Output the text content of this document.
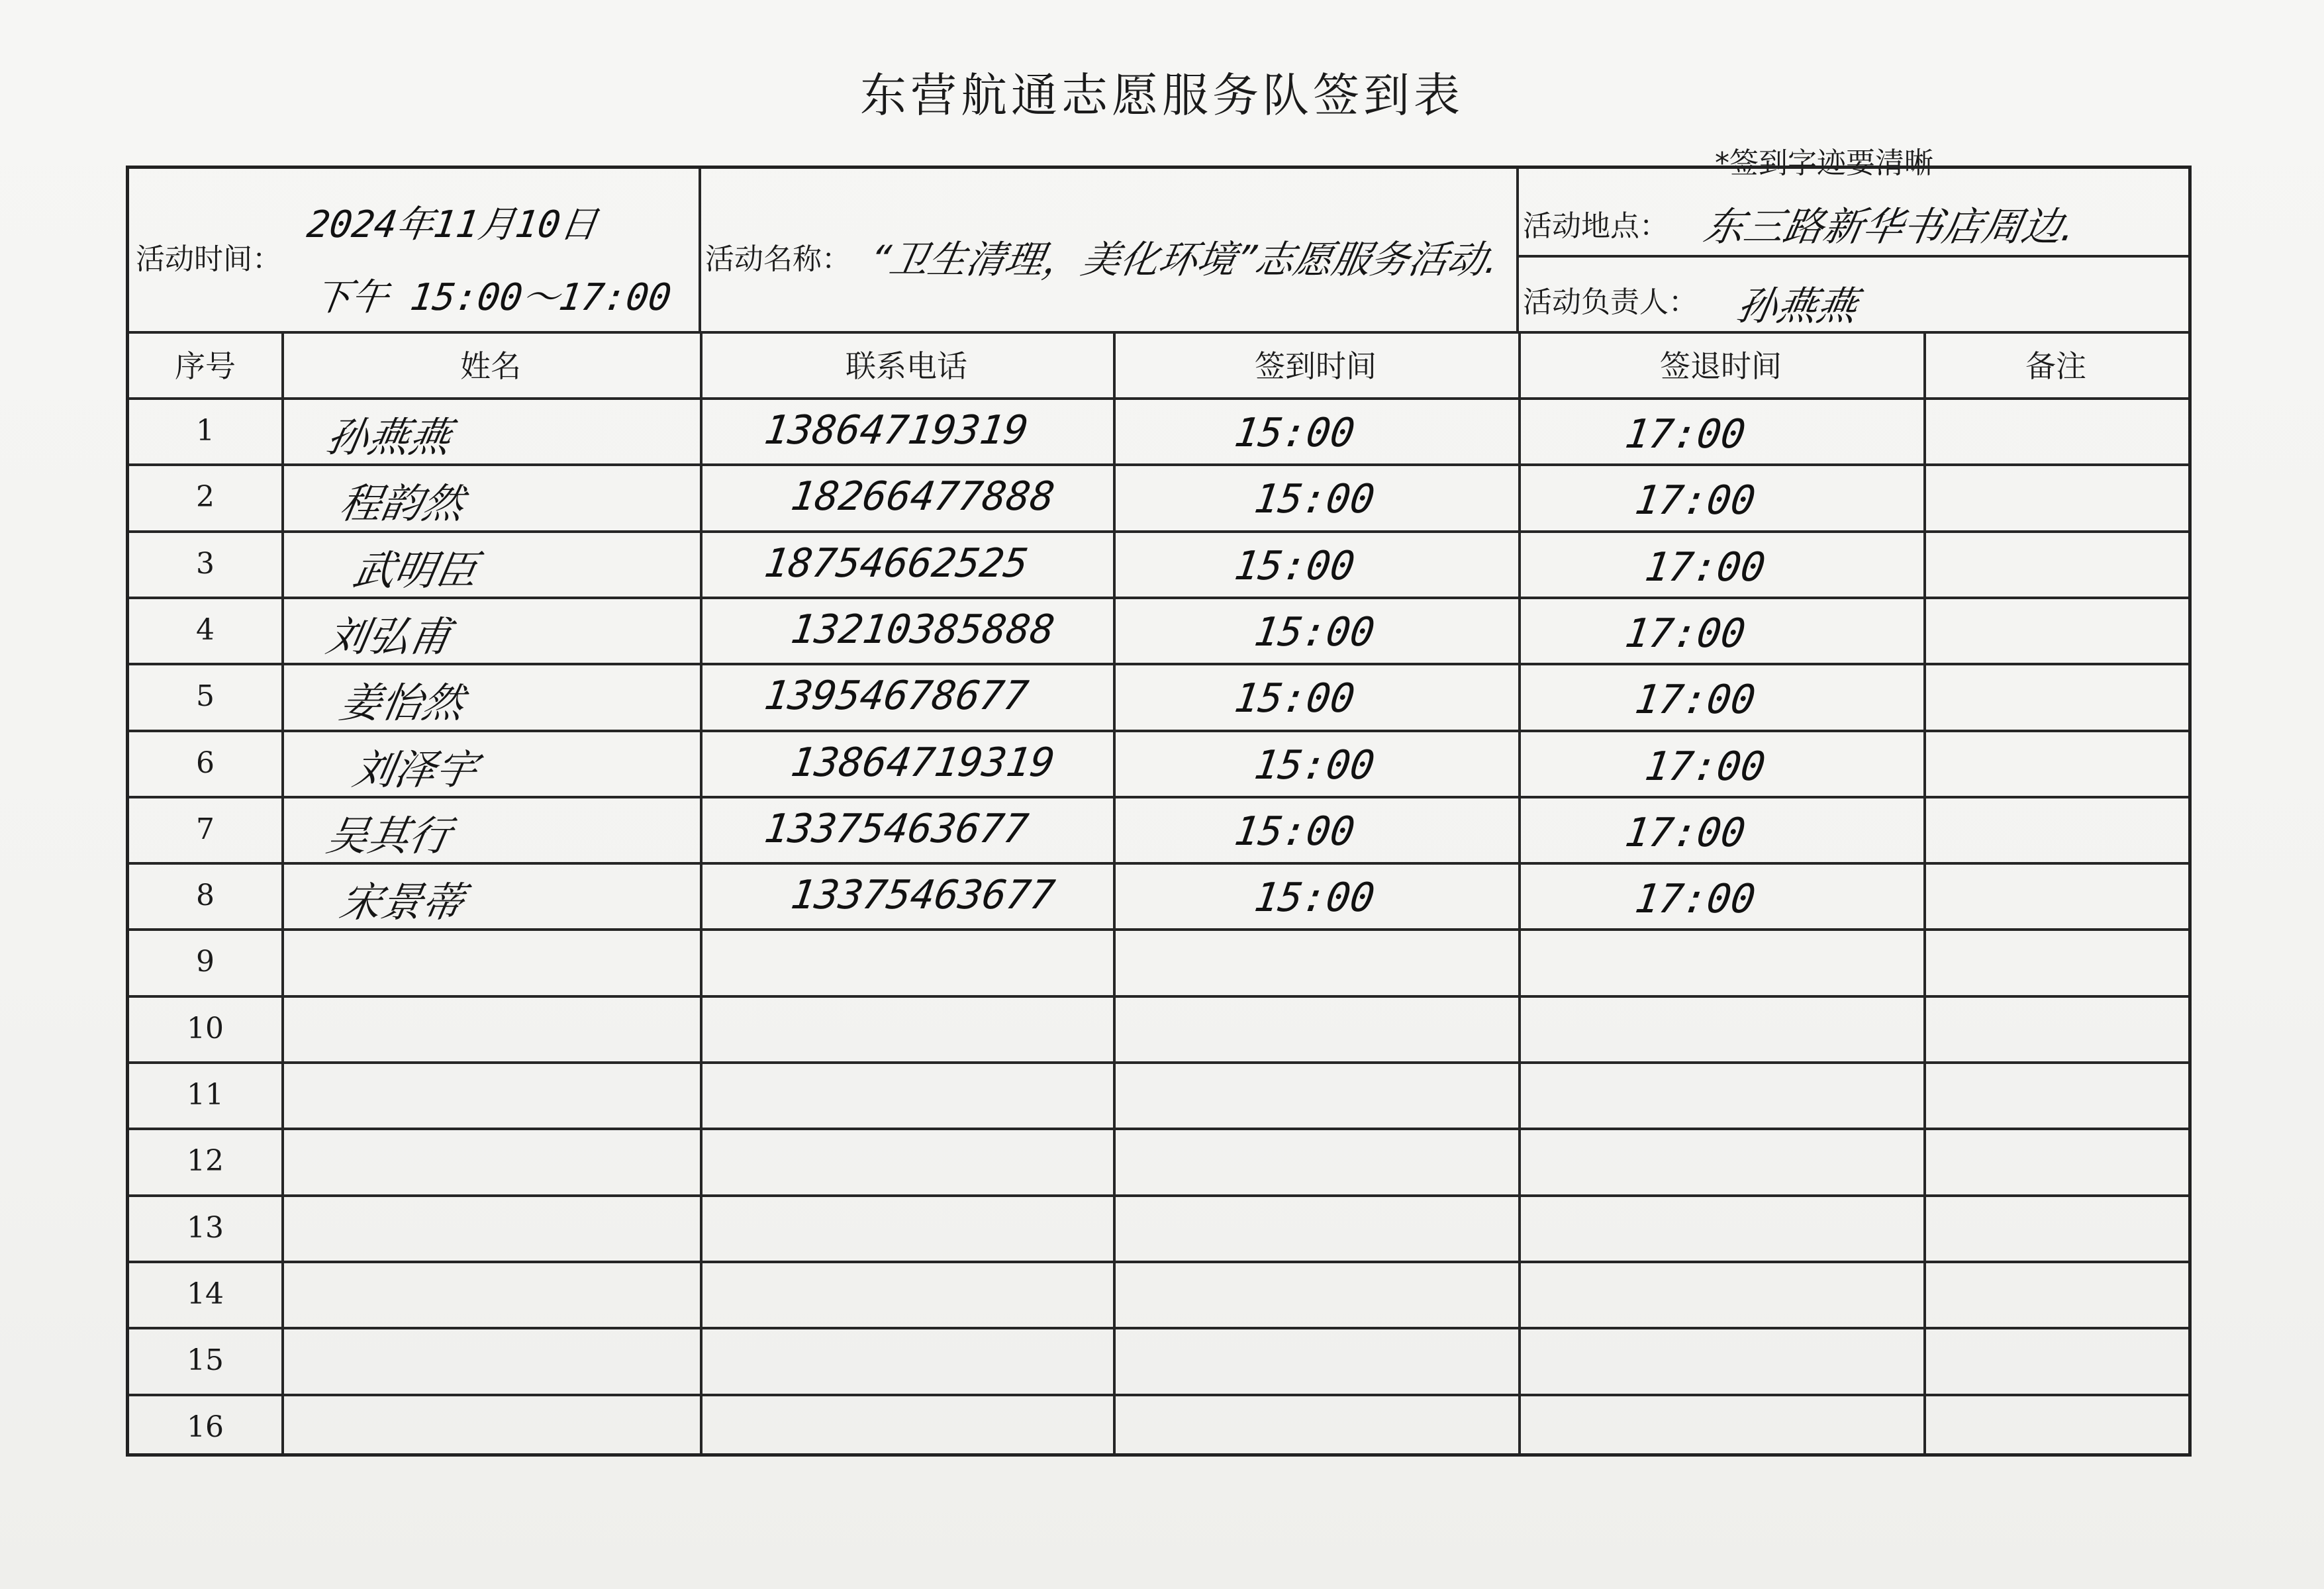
东营航通志愿服务队签到表
*签到字迹要清晰
活动时间：
2024年11月10日
下午 15:00～17:00
活动名称： “卫生清理，美化环境”志愿服务活动.
活动地点： 东三路新华书店周边.
活动负责人： 孙燕燕
序号	姓名	联系电话	签到时间	签退时间	备注
1	孙燕燕	13864719319	15:00	17:00
2	程韵然	18266477888	15:00	17:00
3	武明臣	18754662525	15:00	17:00
4	刘弘甫	13210385888	15:00	17:00
5	姜怡然	13954678677	15:00	17:00
6	刘泽宇	13864719319	15:00	17:00
7	吴其行	13375463677	15:00	17:00
8	宋景蒂	13375463677	15:00	17:00
9
10
11
12
13
14
15
16
